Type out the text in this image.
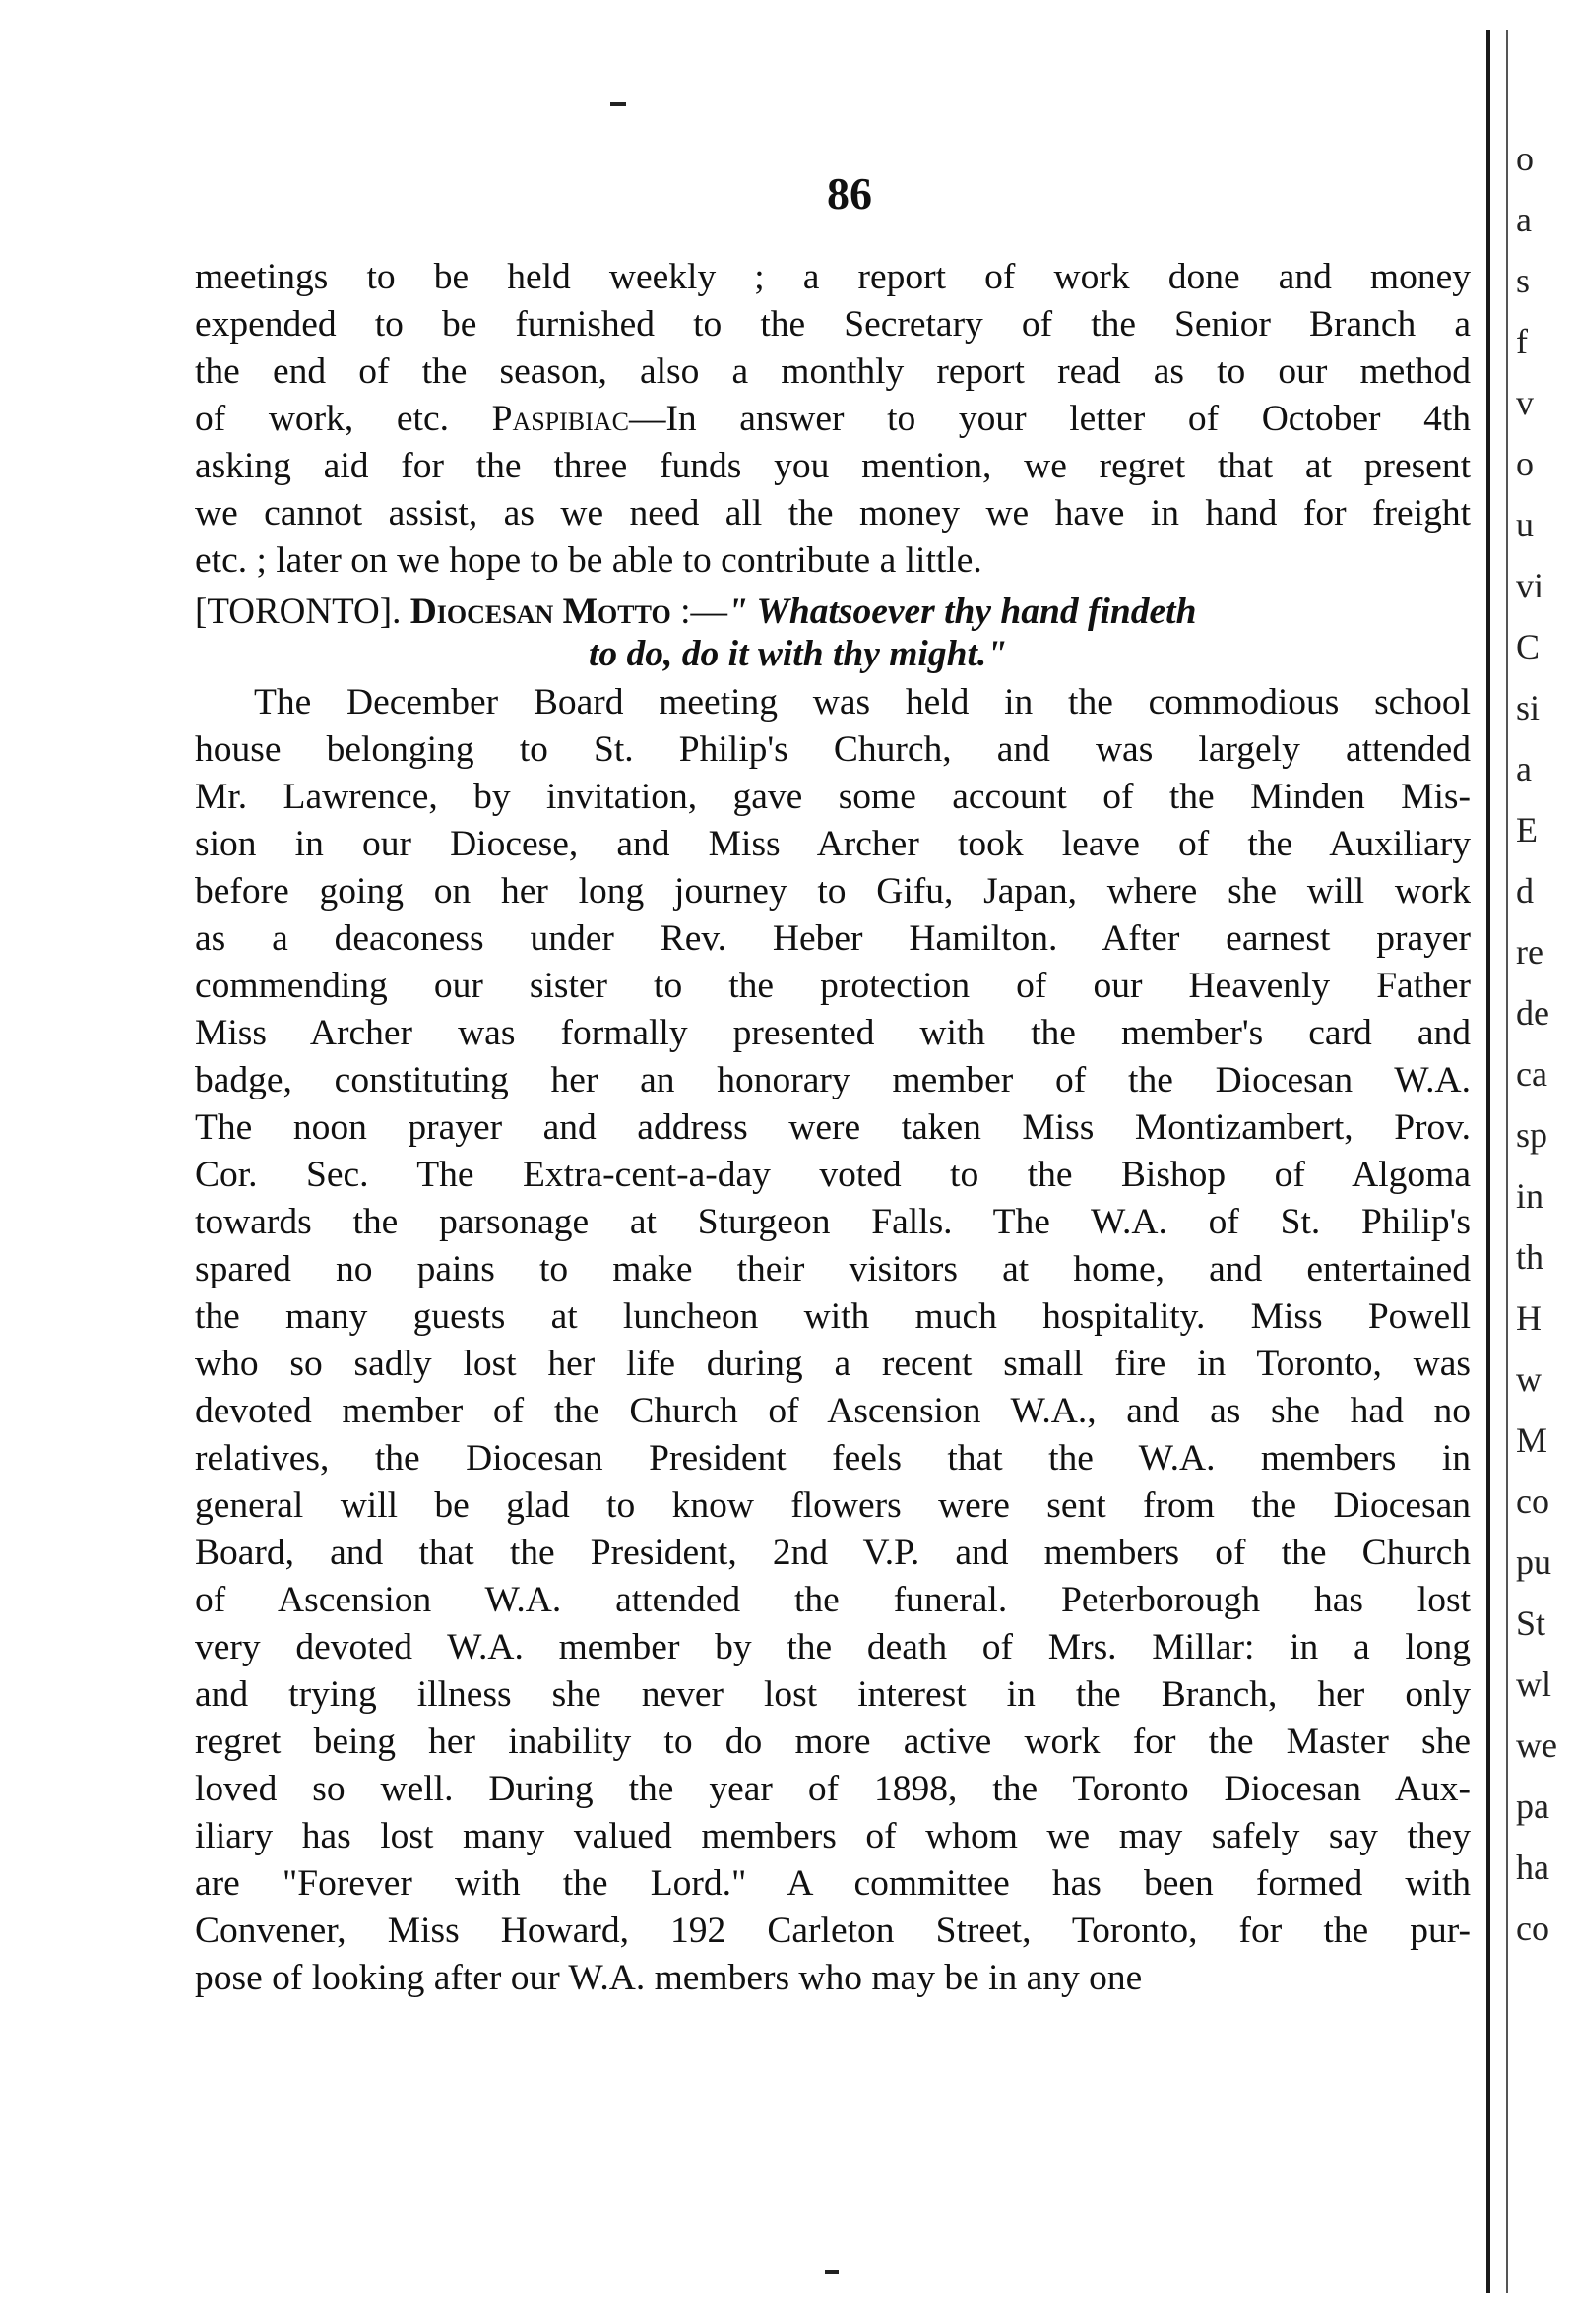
86
meetings to be held weekly ; a report of work done and money
expended to be furnished to the Secretary of the Senior Branch a
the end of the season, also a monthly report read as to our method
of work, etc. Paspibiac—In answer to your letter of October 4th
asking aid for the three funds you mention, we regret that at present
we cannot assist, as we need all the money we have in hand for freight
etc. ; later on we hope to be able to contribute a little.
[TORONTO]. Diocesan Motto :—" Whatsoever thy hand findeth
to do, do it with thy might."
The December Board meeting was held in the commodious school
house belonging to St. Philip's Church, and was largely attended
Mr. Lawrence, by invitation, gave some account of the Minden Mis-
sion in our Diocese, and Miss Archer took leave of the Auxiliary
before going on her long journey to Gifu, Japan, where she will work
as a deaconess under Rev. Heber Hamilton. After earnest prayer
commending our sister to the protection of our Heavenly Father
Miss Archer was formally presented with the member's card and
badge, constituting her an honorary member of the Diocesan W.A.
The noon prayer and address were taken Miss Montizambert, Prov.
Cor. Sec. The Extra-cent-a-day voted to the Bishop of Algoma
towards the parsonage at Sturgeon Falls. The W.A. of St. Philip's
spared no pains to make their visitors at home, and entertained
the many guests at luncheon with much hospitality. Miss Powell
who so sadly lost her life during a recent small fire in Toronto, was
devoted member of the Church of Ascension W.A., and as she had no
relatives, the Diocesan President feels that the W.A. members in
general will be glad to know flowers were sent from the Diocesan
Board, and that the President, 2nd V.P. and members of the Church
of Ascension W.A. attended the funeral. Peterborough has lost
very devoted W.A. member by the death of Mrs. Millar: in a long
and trying illness she never lost interest in the Branch, her only
regret being her inability to do more active work for the Master she
loved so well. During the year of 1898, the Toronto Diocesan Aux-
iliary has lost many valued members of whom we may safely say they
are "Forever with the Lord." A committee has been formed with
Convener, Miss Howard, 192 Carleton Street, Toronto, for the pur-
pose of looking after our W.A. members who may be in any one
o
a
s
f
v
o
u
vi
C
si
a
E
d
re
de
ca
sp
in
th
H
w
M
co
pu
St
wl
we
pa
ha
co
